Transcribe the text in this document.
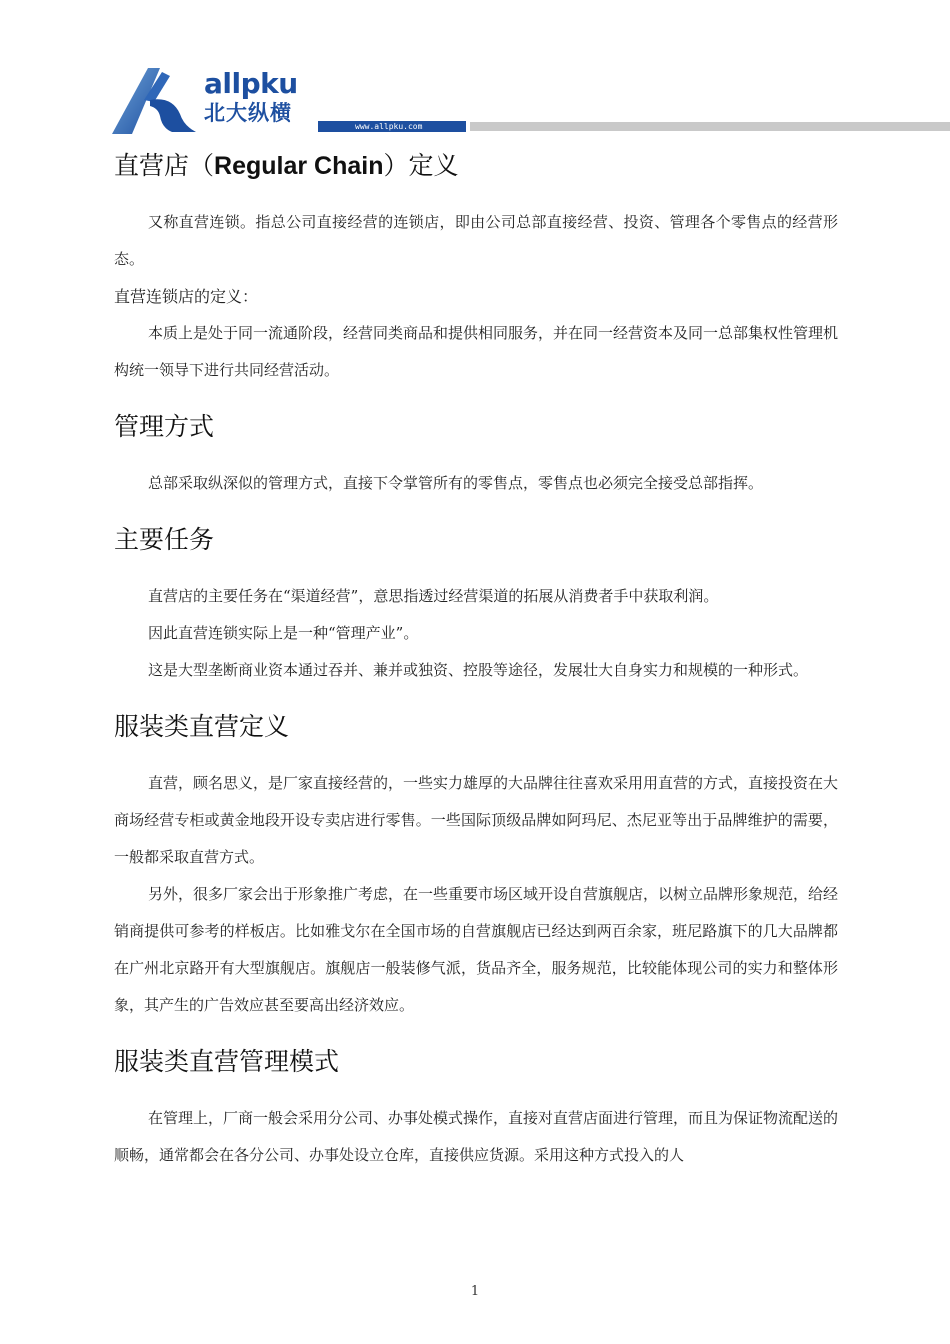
allpku

北大纵横

www.allpku.com

直营店（Regular Chain）定义

又称直营连锁。指总公司直接经营的连锁店，即由公司总部直接经营、投资、管理各个零售点的经营形态。

直营连锁店的定义：

本质上是处于同一流通阶段，经营同类商品和提供相同服务，并在同一经营资本及同一总部集权性管理机构统一领导下进行共同经营活动。

管理方式

总部采取纵深似的管理方式，直接下令掌管所有的零售点，零售点也必须完全接受总部指挥。

主要任务

直营店的主要任务在“渠道经营”，意思指透过经营渠道的拓展从消费者手中获取利润。

因此直营连锁实际上是一种“管理产业”。

这是大型垄断商业资本通过吞并、兼并或独资、控股等途径，发展壮大自身实力和规模的一种形式。

服装类直营定义

直营，顾名思义，是厂家直接经营的，一些实力雄厚的大品牌往往喜欢采用用直营的方式，直接投资在大商场经营专柜或黄金地段开设专卖店进行零售。一些国际顶级品牌如阿玛尼、杰尼亚等出于品牌维护的需要，一般都采取直营方式。

另外，很多厂家会出于形象推广考虑，在一些重要市场区域开设自营旗舰店，以树立品牌形象规范，给经销商提供可参考的样板店。比如雅戈尔在全国市场的自营旗舰店已经达到两百余家，班尼路旗下的几大品牌都在广州北京路开有大型旗舰店。旗舰店一般装修气派，货品齐全，服务规范，比较能体现公司的实力和整体形象，其产生的广告效应甚至要高出经济效应。

服装类直营管理模式

在管理上，厂商一般会采用分公司、办事处模式操作，直接对直营店面进行管理，而且为保证物流配送的顺畅，通常都会在各分公司、办事处设立仓库，直接供应货源。采用这种方式投入的人

1
